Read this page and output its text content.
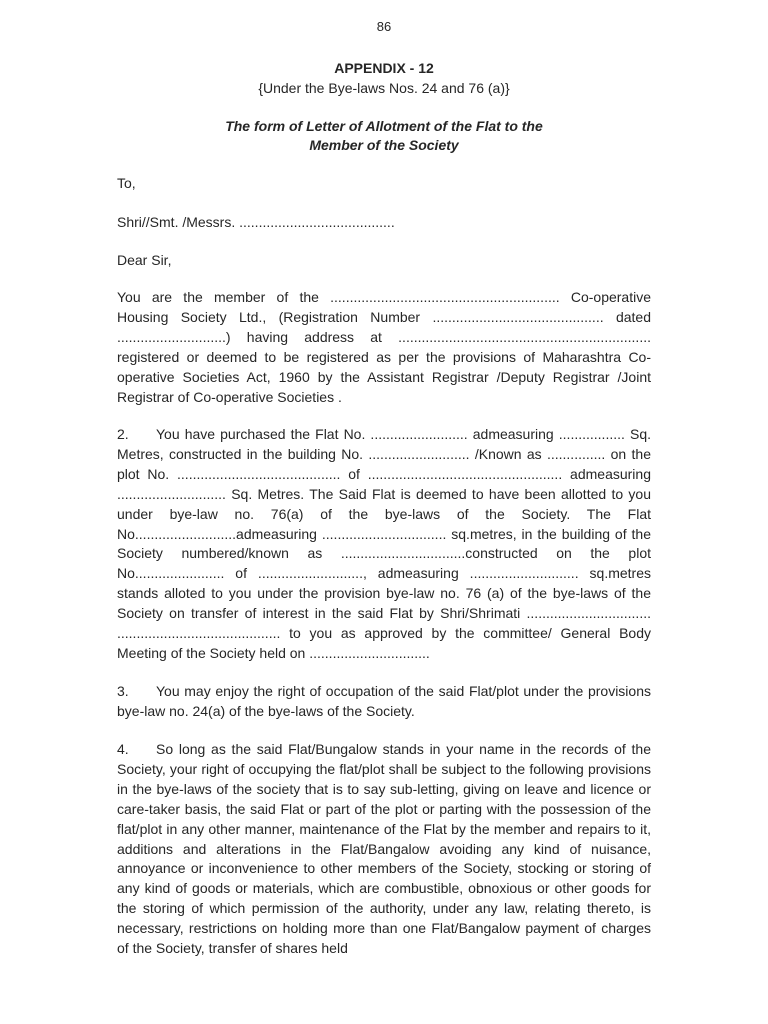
86
APPENDIX - 12
{Under the Bye-laws Nos. 24 and 76 (a)}
The form of Letter of Allotment of the Flat to the
Member of the Society
To,
Shri//Smt. /Messrs. ........................................
Dear Sir,

You are the member of the ........................................................... Co-operative Housing Society Ltd., (Registration Number ............................................ dated ............................) having address at ................................................................. registered or deemed to be registered as per the provisions of Maharashtra Co-operative Societies Act, 1960 by the Assistant Registrar /Deputy Registrar /Joint Registrar of Co-operative Societies .

2. You have purchased the Flat No. ......................... admeasuring ................. Sq. Metres, constructed in the building No. .......................... /Known as ............... on the plot No. .......................................... of .................................................. admeasuring ............................ Sq. Metres. The Said Flat is deemed to have been allotted to you under bye-law no. 76(a) of the bye-laws of the Society. The Flat No..........................admeasuring ................................ sq.metres, in the building of the Society numbered/known as ................................constructed on the plot No....................... of ..........................., admeasuring ............................ sq.metres stands alloted to you under the provision bye-law no. 76 (a) of the bye-laws of the Society on transfer of interest in the said Flat by Shri/Shrimati ................................ .......................................... to you as approved by the committee/ General Body Meeting of the Society held on ...............................

3. You may enjoy the right of occupation of the said Flat/plot under the provisions bye-law no. 24(a) of the bye-laws of the Society.

4. So long as the said Flat/Bungalow stands in your name in the records of the Society, your right of occupying the flat/plot shall be subject to the following provisions in the bye-laws of the society that is to say sub-letting, giving on leave and licence or care-taker basis, the said Flat or part of the plot or parting with the possession of the flat/plot in any other manner, maintenance of the Flat by the member and repairs to it, additions and alterations in the Flat/Bangalow avoiding any kind of nuisance, annoyance or inconvenience to other members of the Society, stocking or storing of any kind of goods or materials, which are combustible, obnoxious or other goods for the storing of which permission of the authority, under any law, relating thereto, is necessary, restrictions on holding more than one Flat/Bangalow payment of charges of the Society, transfer of shares held
